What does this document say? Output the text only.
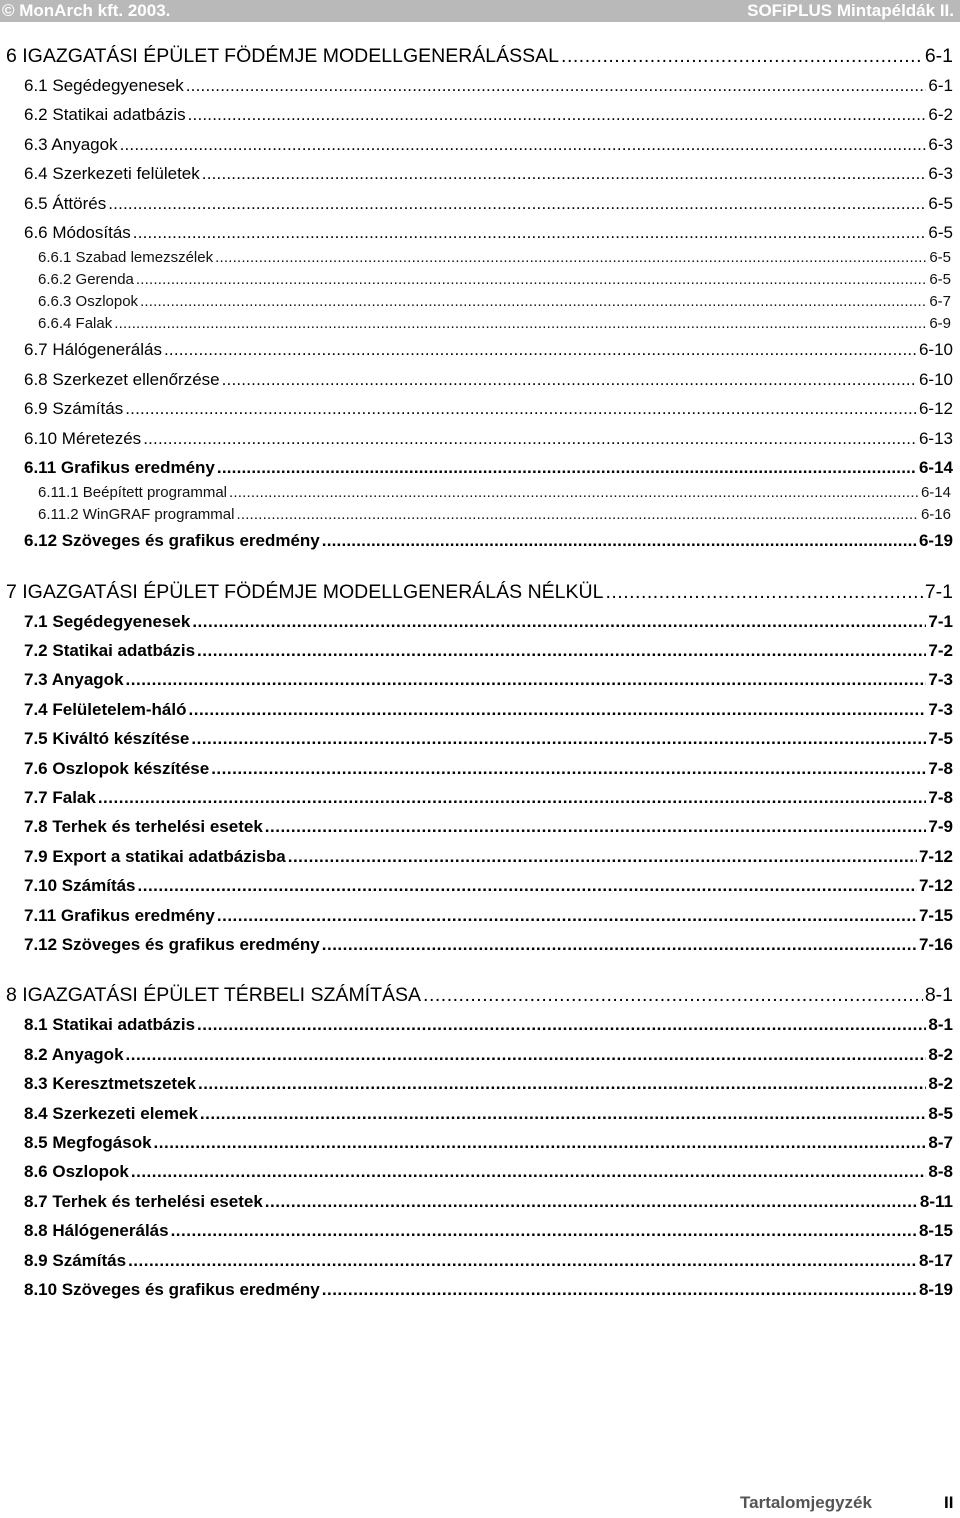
© MonArch kft. 2003.	SOFiPLUS Mintapéldák II.
6 IGAZGATÁSI ÉPÜLET FÖDÉMJE MODELLGENERÁLÁSSAL .....	6-1
6.1 Segédegyenesek .....	6-1
6.2 Statikai adatbázis .....	6-2
6.3 Anyagok .....	6-3
6.4 Szerkezeti felületek .....	6-3
6.5 Áttörés .....	6-5
6.6 Módosítás .....	6-5
6.6.1 Szabad lemezszélek .....	6-5
6.6.2 Gerenda .....	6-5
6.6.3 Oszlopok .....	6-7
6.6.4 Falak .....	6-9
6.7 Hálógenerálás .....	6-10
6.8 Szerkezet ellenőrzése .....	6-10
6.9 Számítás .....	6-12
6.10 Méretezés .....	6-13
6.11 Grafikus eredmény .....	6-14
6.11.1 Beépített programmal .....	6-14
6.11.2 WinGRAF programmal .....	6-16
6.12 Szöveges és grafikus eredmény .....	6-19
7 IGAZGATÁSI ÉPÜLET FÖDÉMJE MODELLGENERÁLÁS NÉLKÜL .....	7-1
7.1 Segédegyenesek .....	7-1
7.2 Statikai adatbázis .....	7-2
7.3 Anyagok .....	7-3
7.4 Felületelem-háló .....	7-3
7.5 Kiváltó készítése .....	7-5
7.6 Oszlopok készítése .....	7-8
7.7 Falak .....	7-8
7.8 Terhek és terhelési esetek .....	7-9
7.9 Export a statikai adatbázisba .....	7-12
7.10 Számítás .....	7-12
7.11 Grafikus eredmény .....	7-15
7.12 Szöveges és grafikus eredmény .....	7-16
8 IGAZGATÁSI ÉPÜLET TÉRBELI SZÁMÍTÁSA .....	8-1
8.1 Statikai adatbázis .....	8-1
8.2 Anyagok .....	8-2
8.3 Keresztmetszetek .....	8-2
8.4 Szerkezeti elemek .....	8-5
8.5 Megfogások .....	8-7
8.6 Oszlopok .....	8-8
8.7 Terhek és terhelési esetek .....	8-11
8.8 Hálógenerálás .....	8-15
8.9 Számítás .....	8-17
8.10 Szöveges és grafikus eredmény .....	8-19
Tartalomjegyzék	II
